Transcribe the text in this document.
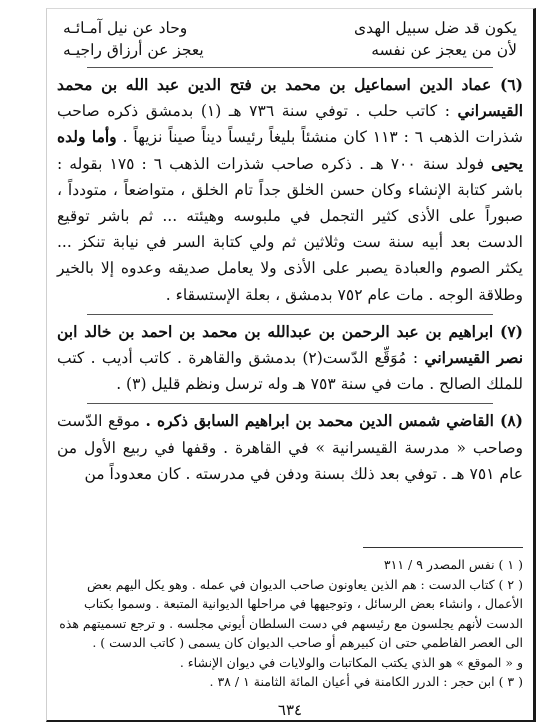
يكون قد ضل سبيل الهدى
وحاد عن نيل آمـائـه
لأن من يعجز عن نفسه
يعجز عن أرزاق راجيـه

(٦) عماد الدين اسماعيل بن محمد بن فتح الدين عبد الله بن محمد القيسراني : كاتب حلب . توفي سنة ٧٣٦ هـ (١) بدمشق ذكره صاحب شذرات الذهب ٦ : ١١٣ كان منشئاً بليغاً رئيساً ديناً صيناً نزيهاً . وأما ولده يحيى فولد سنة ٧٠٠ هـ . ذكره صاحب شذرات الذهب ٦ : ١٧٥ بقوله : باشر كتابة الإنشاء وكان حسن الخلق جداً تام الخلق ، متواضعاً ، متودداً ، صبوراً على الأذى كثير التجمل في ملبوسه وهيئته ... ثم باشر توقيع الدست بعد أبيه سنة ست وثلاثين ثم ولي كتابة السر في نيابة تنكز ... يكثر الصوم والعبادة يصبر على الأذى ولا يعامل صديقه وعدوه إلا بالخير وطلاقة الوجه . مات عام ٧٥٢ بدمشق ، بعلة الإستسقاء .

(٧) ابراهيم بن عبد الرحمن بن عبدالله بن محمد بن احمد بن خالد ابن نصر القيسراني : مُوَقِّع الدّست(٢) بدمشق والقاهرة . كاتب أديب . كتب للملك الصالح . مات في سنة ٧٥٣ هـ وله ترسل ونظم قليل (٣) .

(٨) القاضي شمس الدين محمد بن ابراهيم السابق ذكره . موقع الدّست وصاحب « مدرسة القيسرانية » في القاهرة . وقفها في ربيع الأول من عام ٧٥١ هـ . توفي بعد ذلك بسنة ودفن في مدرسته . كان معدوداً من

( ١ ) نفس المصدر ٩ / ٣١١

( ٢ ) كتاب الدست : هم الذين يعاونون صاحب الديوان في عمله . وهو يكل اليهم بعض الأعمال ، وانشاء بعض الرسائل ، وتوجيهها في مراحلها الديوانية المتبعة . وسموا بكتاب الدست لأنهم يجلسون مع رئيسهم في دست السلطان أيوني مجلسه . و ترجع تسميتهم هذه الى العصر الفاطمي حتى ان كبيرهم أو صاحب الديوان كان يسمى ( كاتب الدست ) .

و « الموقع » هو الذي يكتب المكاتبات والولايات في ديوان الإنشاء .

( ٣ ) ابن حجر : الدرر الكامنة في أعيان المائة الثامنة ١ / ٣٨ .

٦٣٤
